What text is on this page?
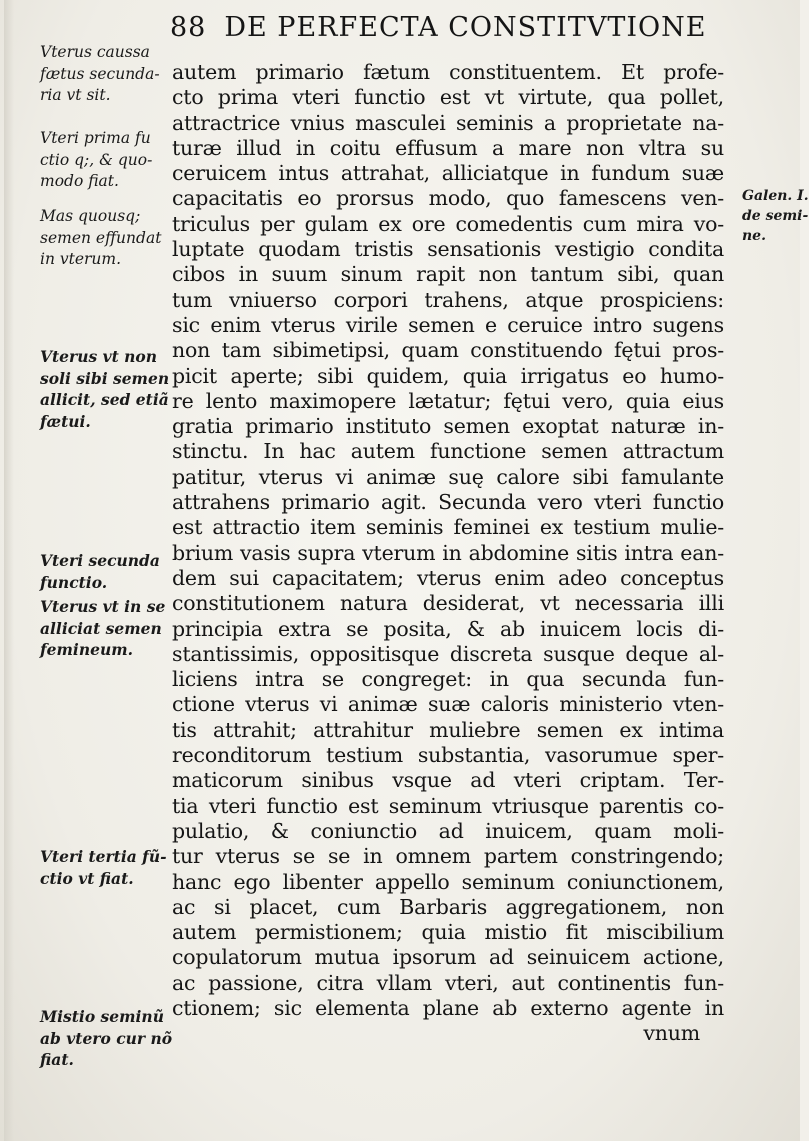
88 DE PERFECTA CONSTITVTIONE
autem primario fætum constituentem. Et profe-
cto prima vteri functio est vt virtute, qua pollet,
attractrice vnius masculei seminis a proprietate na-
turæ illud in coitu effusum a mare non vltra su
ceruicem intus attrahat, alliciatque in fundum suæ
capacitatis eo prorsus modo, quo famescens ven-
triculus per gulam ex ore comedentis cum mira vo-
luptate quodam tristis sensationis vestigio condita
cibos in suum sinum rapit non tantum sibi, quan
tum vniuerso corpori trahens, atque prospiciens:
sic enim vterus virile semen e ceruice intro sugens
non tam sibimetipsi, quam constituendo fętui pros-
picit aperte; sibi quidem, quia irrigatus eo humo-
re lento maximopere lætatur; fętui vero, quia eius
gratia primario instituto semen exoptat naturæ in-
stinctu. In hac autem functione semen attractum
patitur, vterus vi animæ suę calore sibi famulante
attrahens primario agit. Secunda vero vteri functio
est attractio item seminis feminei ex testium mulie-
brium vasis supra vterum in abdomine sitis intra ean-
dem sui capacitatem; vterus enim adeo conceptus
constitutionem natura desiderat, vt necessaria illi
principia extra se posita, & ab inuicem locis di-
stantissimis, oppositisque discreta susque deque al-
liciens intra se congreget: in qua secunda fun-
ctione vterus vi animæ suæ caloris ministerio vten-
tis attrahit; attrahitur muliebre semen ex intima
reconditorum testium substantia, vasorumue sper-
maticorum sinibus vsque ad vteri criptam. Ter-
tia vteri functio est seminum vtriusque parentis co-
pulatio, & coniunctio ad inuicem, quam moli-
tur vterus se se in omnem partem constringendo;
hanc ego libenter appello seminum coniunctionem,
ac si placet, cum Barbaris aggregationem, non
autem permistionem; quia mistio fit miscibilium
copulatorum mutua ipsorum ad seinuicem actione,
ac passione, citra vllam vteri, aut continentis fun-
ctionem; sic elementa plane ab externo agente in
vnum
Vterus caussa
fætus secunda-
ria vt sit.
Vteri prima fu
ctio q;, & quo-
modo fiat.
Mas quousq;
semen effundat
in vterum.
Vterus vt non
soli sibi semen
allicit, sed etiã
fætui.
Vteri secunda
functio.
Vterus vt in se
alliciat semen
femineum.
Vteri tertia fũ-
ctio vt fiat.
Mistio seminũ
ab vtero cur nõ
fiat.
Galen. I.
de semi-
ne.
